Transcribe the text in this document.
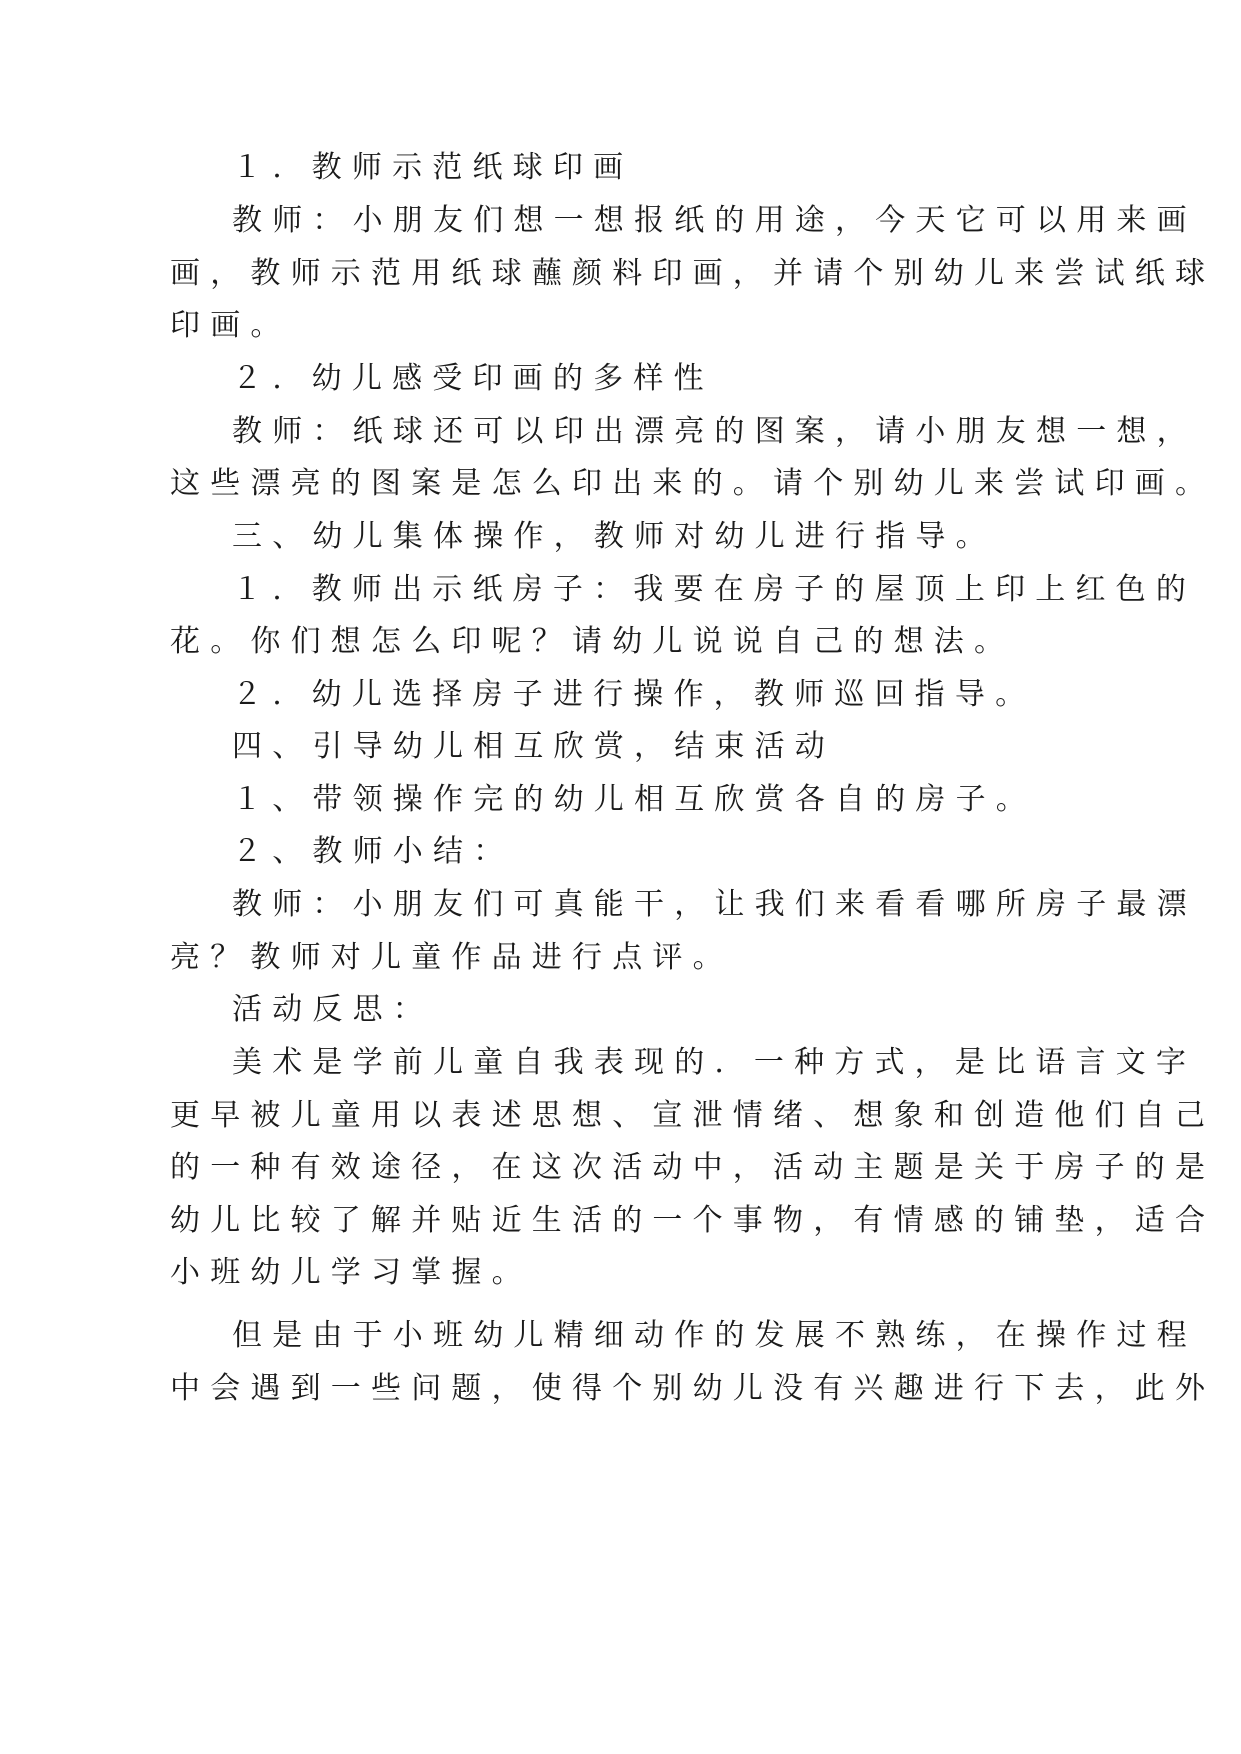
１. 教师示范纸球印画
教师：小朋友们想一想报纸的用途，今天它可以用来画
画，教师示范用纸球蘸颜料印画，并请个别幼儿来尝试纸球
印画。
２. 幼儿感受印画的多样性
教师：纸球还可以印出漂亮的图案，请小朋友想一想，
这些漂亮的图案是怎么印出来的。请个别幼儿来尝试印画。
三、幼儿集体操作，教师对幼儿进行指导。
１. 教师出示纸房子：我要在房子的屋顶上印上红色的
花。你们想怎么印呢？请幼儿说说自己的想法。
２. 幼儿选择房子进行操作，教师巡回指导。
四、引导幼儿相互欣赏，结束活动
１、带领操作完的幼儿相互欣赏各自的房子。
２、教师小结：
教师：小朋友们可真能干，让我们来看看哪所房子最漂
亮？教师对儿童作品进行点评。
活动反思：
美术是学前儿童自我表现的. 一种方式，是比语言文字
更早被儿童用以表述思想、宣泄情绪、想象和创造他们自己
的一种有效途径，在这次活动中，活动主题是关于房子的是
幼儿比较了解并贴近生活的一个事物，有情感的铺垫，适合
小班幼儿学习掌握。
但是由于小班幼儿精细动作的发展不熟练，在操作过程
中会遇到一些问题，使得个别幼儿没有兴趣进行下去，此外
